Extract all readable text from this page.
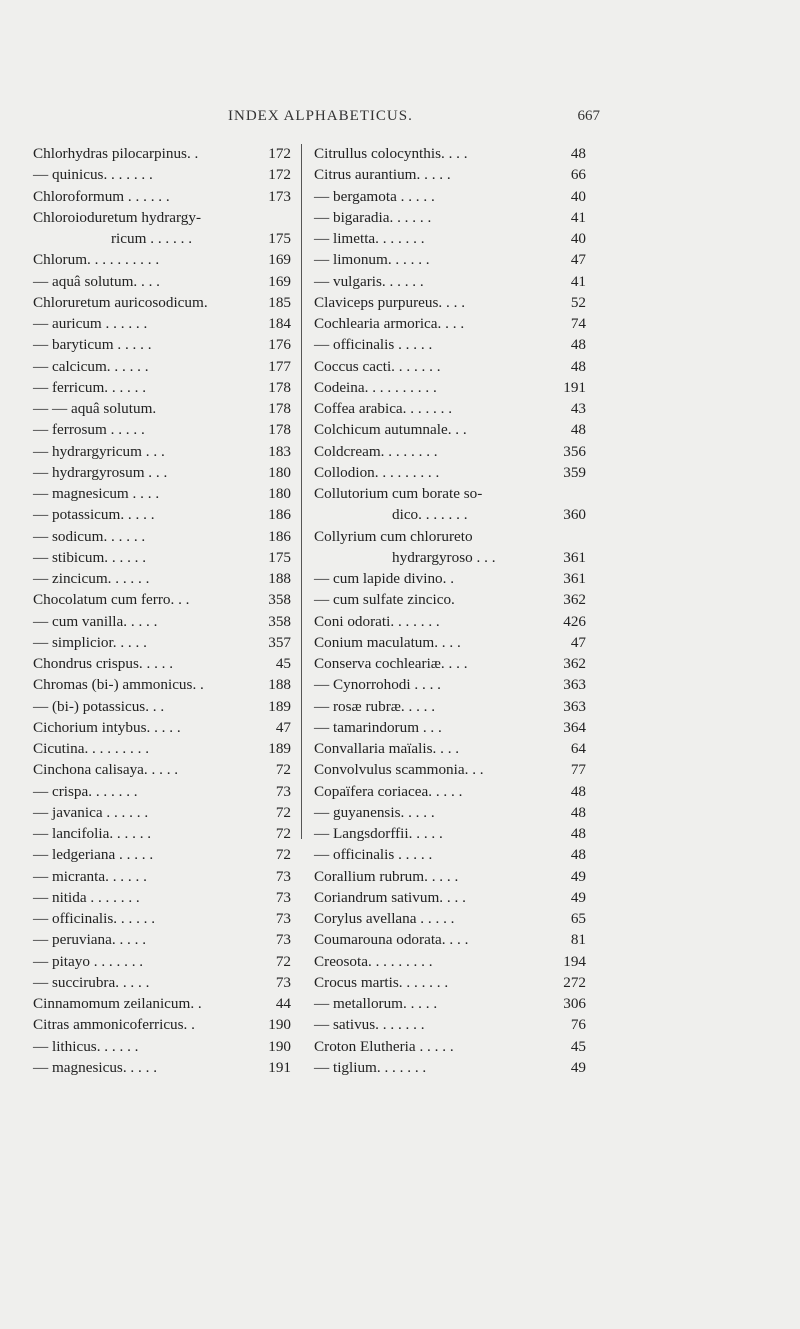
INDEX ALPHABETICUS.	667
Chlorhydras pilocarpinus. .	172
— quinicus. . . . . . .	172
Chloroformum . . . . . .	173
Chloroioduretum hydrargy-
ricum . . . . . .	175
Chlorum. . . . . . . . . .	169
— aquâ solutum. . . .	169
Chloruretum auricosodicum.	185
— auricum . . . . . .	184
— baryticum . . . . .	176
— calcicum. . . . . .	177
— ferricum. . . . . .	178
— — aquâ solutum.	178
— ferrosum . . . . .	178
— hydrargyricum . . .	183
— hydrargyrosum . . .	180
— magnesicum . . . .	180
— potassicum. . . . .	186
— sodicum. . . . . .	186
— stibicum. . . . . .	175
— zincicum. . . . . .	188
Chocolatum cum ferro. . .	358
— cum vanilla. . . . .	358
— simplicior. . . . .	357
Chondrus crispus. . . . .	45
Chromas (bi-) ammonicus. .	188
— (bi-) potassicus. . .	189
Cichorium intybus. . . . .	47
Cicutina. . . . . . . . .	189
Cinchona calisaya. . . . .	72
— crispa. . . . . . .	73
— javanica . . . . . .	72
— lancifolia. . . . . .	72
— ledgeriana . . . . .	72
— micranta. . . . . .	73
— nitida . . . . . . .	73
— officinalis. . . . . .	73
— peruviana. . . . .	73
— pitayo . . . . . . .	72
— succirubra. . . . .	73
Cinnamomum zeilanicum. .	44
Citras ammonicoferricus. .	190
— lithicus. . . . . .	190
— magnesicus. . . . .	191
Citrullus colocynthis. . . .	48
Citrus aurantium. . . . .	66
— bergamota . . . . .	40
— bigaradia. . . . . .	41
— limetta. . . . . . .	40
— limonum. . . . . .	47
— vulgaris. . . . . .	41
Claviceps purpureus. . . .	52
Cochlearia armorica. . . .	74
— officinalis . . . . .	48
Coccus cacti. . . . . . .	48
Codeina. . . . . . . . . .	191
Coffea arabica. . . . . . .	43
Colchicum autumnale. . .	48
Coldcream. . . . . . . .	356
Collodion. . . . . . . . .	359
Collutorium cum borate so-
dico. . . . . . .	360
Collyrium cum chlorureto
hydrargyroso . . .	361
— cum lapide divino. .	361
— cum sulfate zincico.	362
Coni odorati. . . . . . .	426
Conium maculatum. . . .	47
Conserva cochleariæ. . . .	362
— Cynorrohodi . . . .	363
— rosæ rubræ. . . . .	363
— tamarindorum . . .	364
Convallaria maïalis. . . .	64
Convolvulus scammonia. . .	77
Copaïfera coriacea. . . . .	48
— guyanensis. . . . .	48
— Langsdorffii. . . . .	48
— officinalis . . . . .	48
Corallium rubrum. . . . .	49
Coriandrum sativum. . . .	49
Corylus avellana . . . . .	65
Coumarouna odorata. . . .	81
Creosota. . . . . . . . .	194
Crocus martis. . . . . . .	272
— metallorum. . . . .	306
— sativus. . . . . . .	76
Croton Elutheria . . . . .	45
— tiglium. . . . . . .	49
